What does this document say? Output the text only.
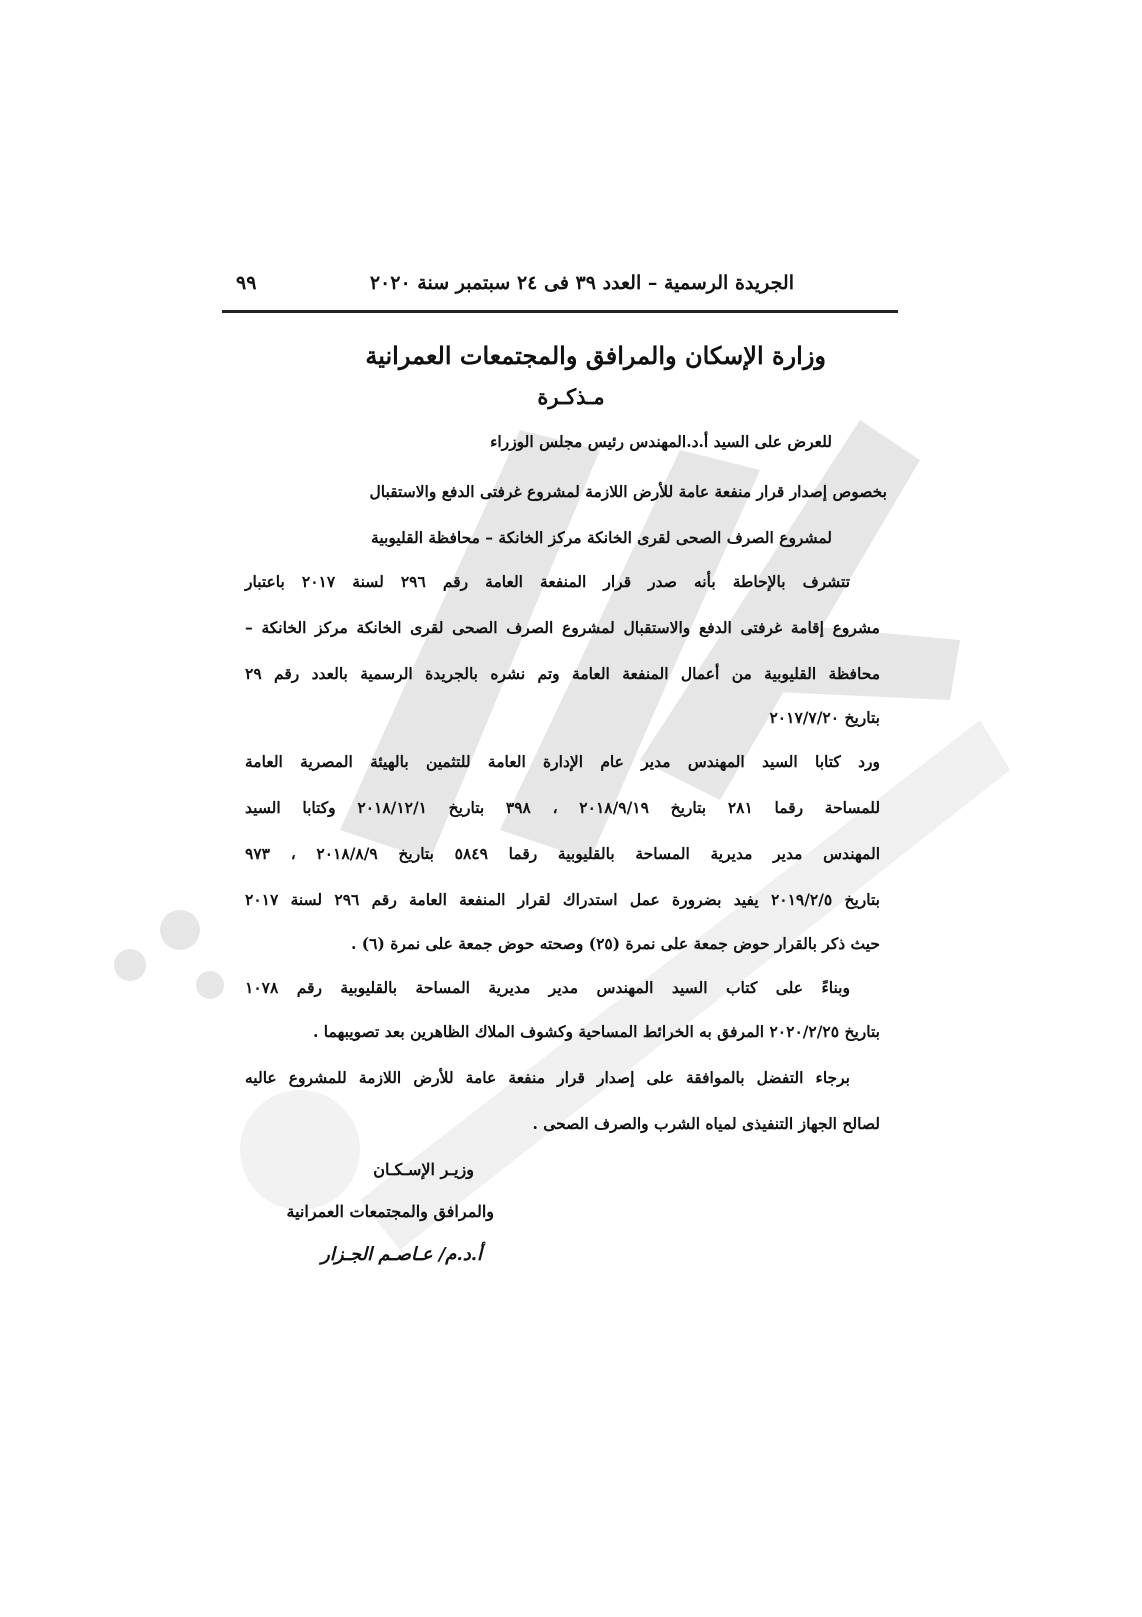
الجريدة الرسمية – العدد ٣٩ فى ٢٤ سبتمبر سنة ٢٠٢٠
٩٩
وزارة الإسكان والمرافق والمجتمعات العمرانية
مـذكـرة
للعرض على السيد أ.د.المهندس رئيس مجلس الوزراء
بخصوص إصدار قرار منفعة عامة للأرض اللازمة لمشروع غرفتى الدفع والاستقبال
لمشروع الصرف الصحى لقرى الخانكة مركز الخانكة – محافظة القليوبية
تتشرف بالإحاطة بأنه صدر قرار المنفعة العامة رقم ٢٩٦ لسنة ٢٠١٧ باعتبار
مشروع إقامة غرفتى الدفع والاستقبال لمشروع الصرف الصحى لقرى الخانكة مركز الخانكة –
محافظة القليوبية من أعمال المنفعة العامة وتم نشره بالجريدة الرسمية بالعدد رقم ٢٩
بتاريخ ٢٠١٧/٧/٢٠
ورد كتابا السيد المهندس مدير عام الإدارة العامة للتثمين بالهيئة المصرية العامة
للمساحة رقما ٢٨١ بتاريخ ٢٠١٨/٩/١٩ ، ٣٩٨ بتاريخ ٢٠١٨/١٢/١ وكتابا السيد
المهندس مدير مديرية المساحة بالقليوبية رقما ٥٨٤٩ بتاريخ ٢٠١٨/٨/٩ ، ٩٧٣
بتاريخ ٢٠١٩/٢/٥ يفيد بضرورة عمل استدراك لقرار المنفعة العامة رقم ٢٩٦ لسنة ٢٠١٧
حيث ذكر بالقرار حوض جمعة على نمرة (٢٥) وصحته حوض جمعة على نمرة (٦) .
وبناءً على كتاب السيد المهندس مدير مديرية المساحة بالقليوبية رقم ١٠٧٨
بتاريخ ٢٠٢٠/٢/٢٥ المرفق به الخرائط المساحية وكشوف الملاك الظاهرين بعد تصويبهما .
برجاء التفضل بالموافقة على إصدار قرار منفعة عامة للأرض اللازمة للمشروع عاليه
لصالح الجهاز التنفيذى لمياه الشرب والصرف الصحى .
وزيـر الإسـكـان
والمرافق والمجتمعات العمرانية
أ.د.م/ عـاصـم الجـزار
